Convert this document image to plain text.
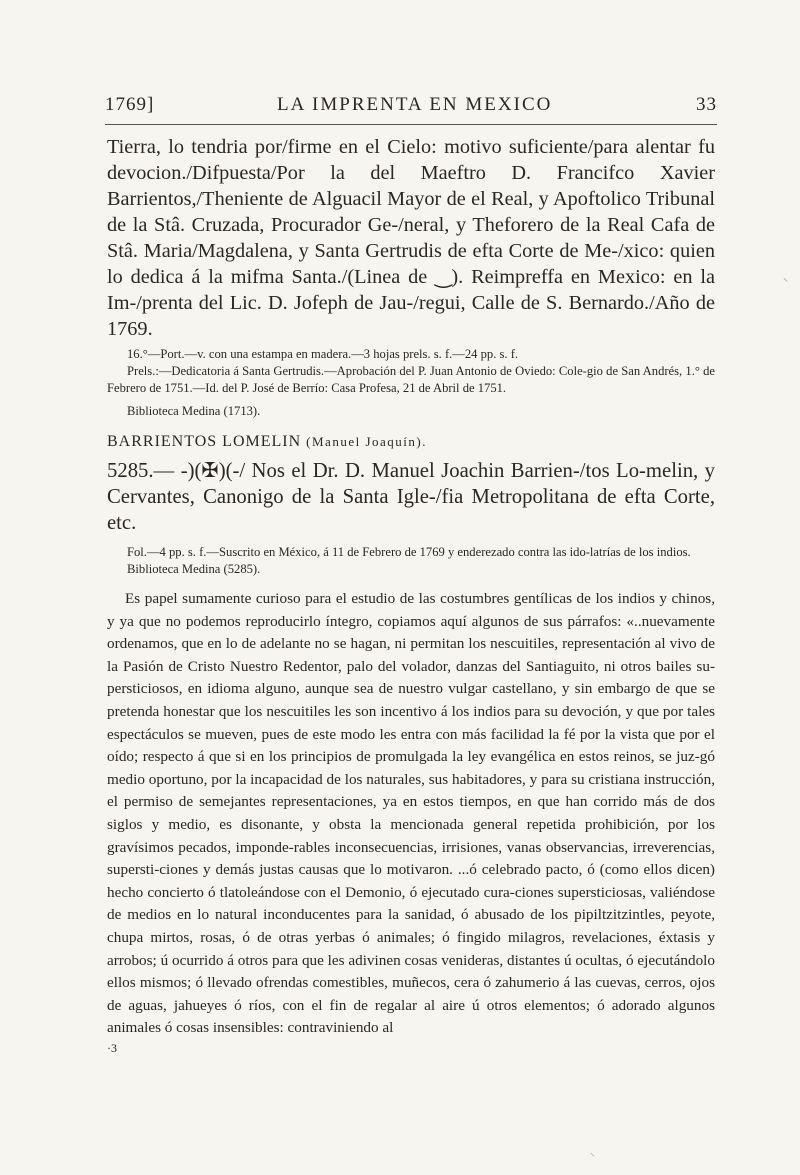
1769]	LA IMPRENTA EN MEXICO	33

Tierra, lo tendria por/firme en el Cielo: motivo suficiente/para alentar fu devocion./Difpuesta/Por la del Maeftro D. Francifco Xavier Barrientos,/Theniente de Alguacil Mayor de el Real, y Apoftolico Tribunal de la Stâ. Cruzada, Procurador Ge-/neral, y Theforero de la Real Cafa de Stâ. Maria/Magdalena, y Santa Gertrudis de efta Corte de Me-/xico: quien lo dedica á la mifma Santa./(Linea de ‿). Reimpreffa en Mexico: en la Im-/prenta del Lic. D. Jofeph de Jau-/regui, Calle de S. Bernardo./Año de 1769.

16.°—Port.—v. con una estampa en madera.—3 hojas prels. s. f.—24 pp. s. f.

Prels.:—Dedicatoria á Santa Gertrudis.—Aprobación del P. Juan Antonio de Oviedo: Cole-gio de San Andrés, 1.° de Febrero de 1751.—Id. del P. José de Berrío: Casa Profesa, 21 de Abril de 1751.

Biblioteca Medina (1713).

BARRIENTOS LOMELIN (Manuel Joaquín).

5285.— -)(✠)(-/ Nos el Dr. D. Manuel Joachin Barrien-/tos Lo-melin, y Cervantes, Canonigo de la Santa Igle-/fia Metropolitana de efta Corte, etc.

Fol.—4 pp. s. f.—Suscrito en México, á 11 de Febrero de 1769 y enderezado contra las ido-latrías de los indios.

Biblioteca Medina (5285).

Es papel sumamente curioso para el estudio de las costumbres gentílicas de los indios y chinos, y ya que no podemos reproducirlo íntegro, copiamos aquí algunos de sus párrafos: «..nuevamente ordenamos, que en lo de adelante no se hagan, ni permitan los nescuitiles, representación al vivo de la Pasión de Cristo Nuestro Redentor, palo del volador, danzas del Santiaguito, ni otros bailes su-persticiosos, en idioma alguno, aunque sea de nuestro vulgar castellano, y sin embargo de que se pretenda honestar que los nescuitiles les son incentivo á los indios para su devoción, y que por tales espectáculos se mueven, pues de este modo les entra con más facilidad la fé por la vista que por el oído; respecto á que si en los principios de promulgada la ley evangélica en estos reinos, se juz-gó medio oportuno, por la incapacidad de los naturales, sus habitadores, y para su cristiana instrucción, el permiso de semejantes representaciones, ya en estos tiempos, en que han corrido más de dos siglos y medio, es disonante, y obsta la mencionada general repetida prohibición, por los gravísimos pecados, imponde-rables inconsecuencias, irrisiones, vanas observancias, irreverencias, supersti-ciones y demás justas causas que lo motivaron. ...ó celebrado pacto, ó (como ellos dicen) hecho concierto ó tlatoleándose con el Demonio, ó ejecutado cura-ciones supersticiosas, valiéndose de medios en lo natural inconducentes para la sanidad, ó abusado de los pipiltzitzintles, peyote, chupa mirtos, rosas, ó de otras yerbas ó animales; ó fingido milagros, revelaciones, éxtasis y arrobos; ú ocurrido á otros para que les adivinen cosas venideras, distantes ú ocultas, ó ejecutándolo ellos mismos; ó llevado ofrendas comestibles, muñecos, cera ó zahumerio á las cuevas, cerros, ojos de aguas, jahueyes ó ríos, con el fin de regalar al aire ú otros elementos; ó adorado algunos animales ó cosas insensibles: contraviniendo al

·3

⸌
⸌
